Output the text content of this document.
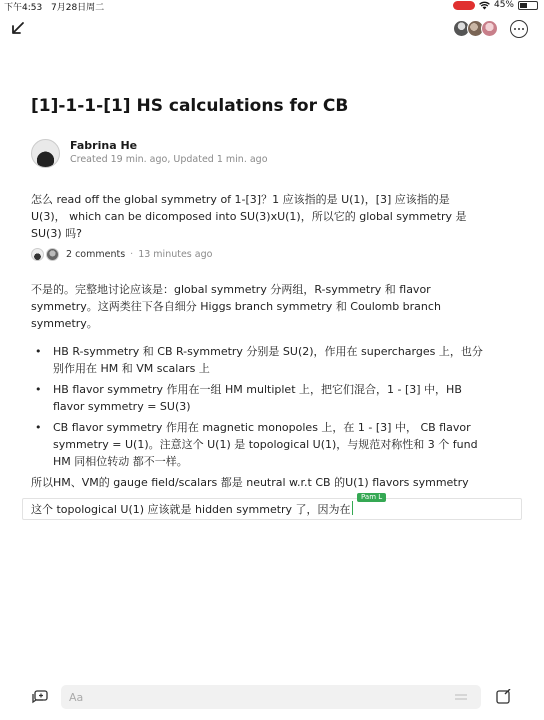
下午4:53 7月28日周二	45%
[1]-1-1-[1] HS calculations for CB
Fabrina He
Created 19 min. ago, Updated 1 min. ago
怎么 read off the global symmetry of 1-[3]？1 应该指的是 U(1)，[3] 应该指的是
U(3)， which can be dicomposed into SU(3)xU(1)，所以它的 global symmetry 是
SU(3) 吗?
2 comments · 13 minutes ago
不是的。完整地讨论应该是：global symmetry 分两组，R-symmetry 和 flavor
symmetry。这两类往下各自细分 Higgs branch symmetry 和 Coulomb branch
symmetry。
• HB R-symmetry 和 CB R-symmetry 分别是 SU(2)，作用在 supercharges 上，也分
别作用在 HM 和 VM scalars 上
• HB flavor symmetry 作用在一组 HM multiplet 上，把它们混合，1 - [3] 中，HB
flavor symmetry = SU(3)
• CB flavor symmetry 作用在 magnetic monopoles 上，在 1 - [3] 中， CB flavor
symmetry = U(1)。注意这个 U(1) 是 topological U(1)，与规范对称性和 3 个 fund
HM 同相位转动 都不一样。
所以HM、VM的 gauge field/scalars 都是 neutral w.r.t CB 的U(1) flavors symmetry
这个 topological U(1) 应该就是 hidden symmetry 了，因为在
Pam L
Aa
